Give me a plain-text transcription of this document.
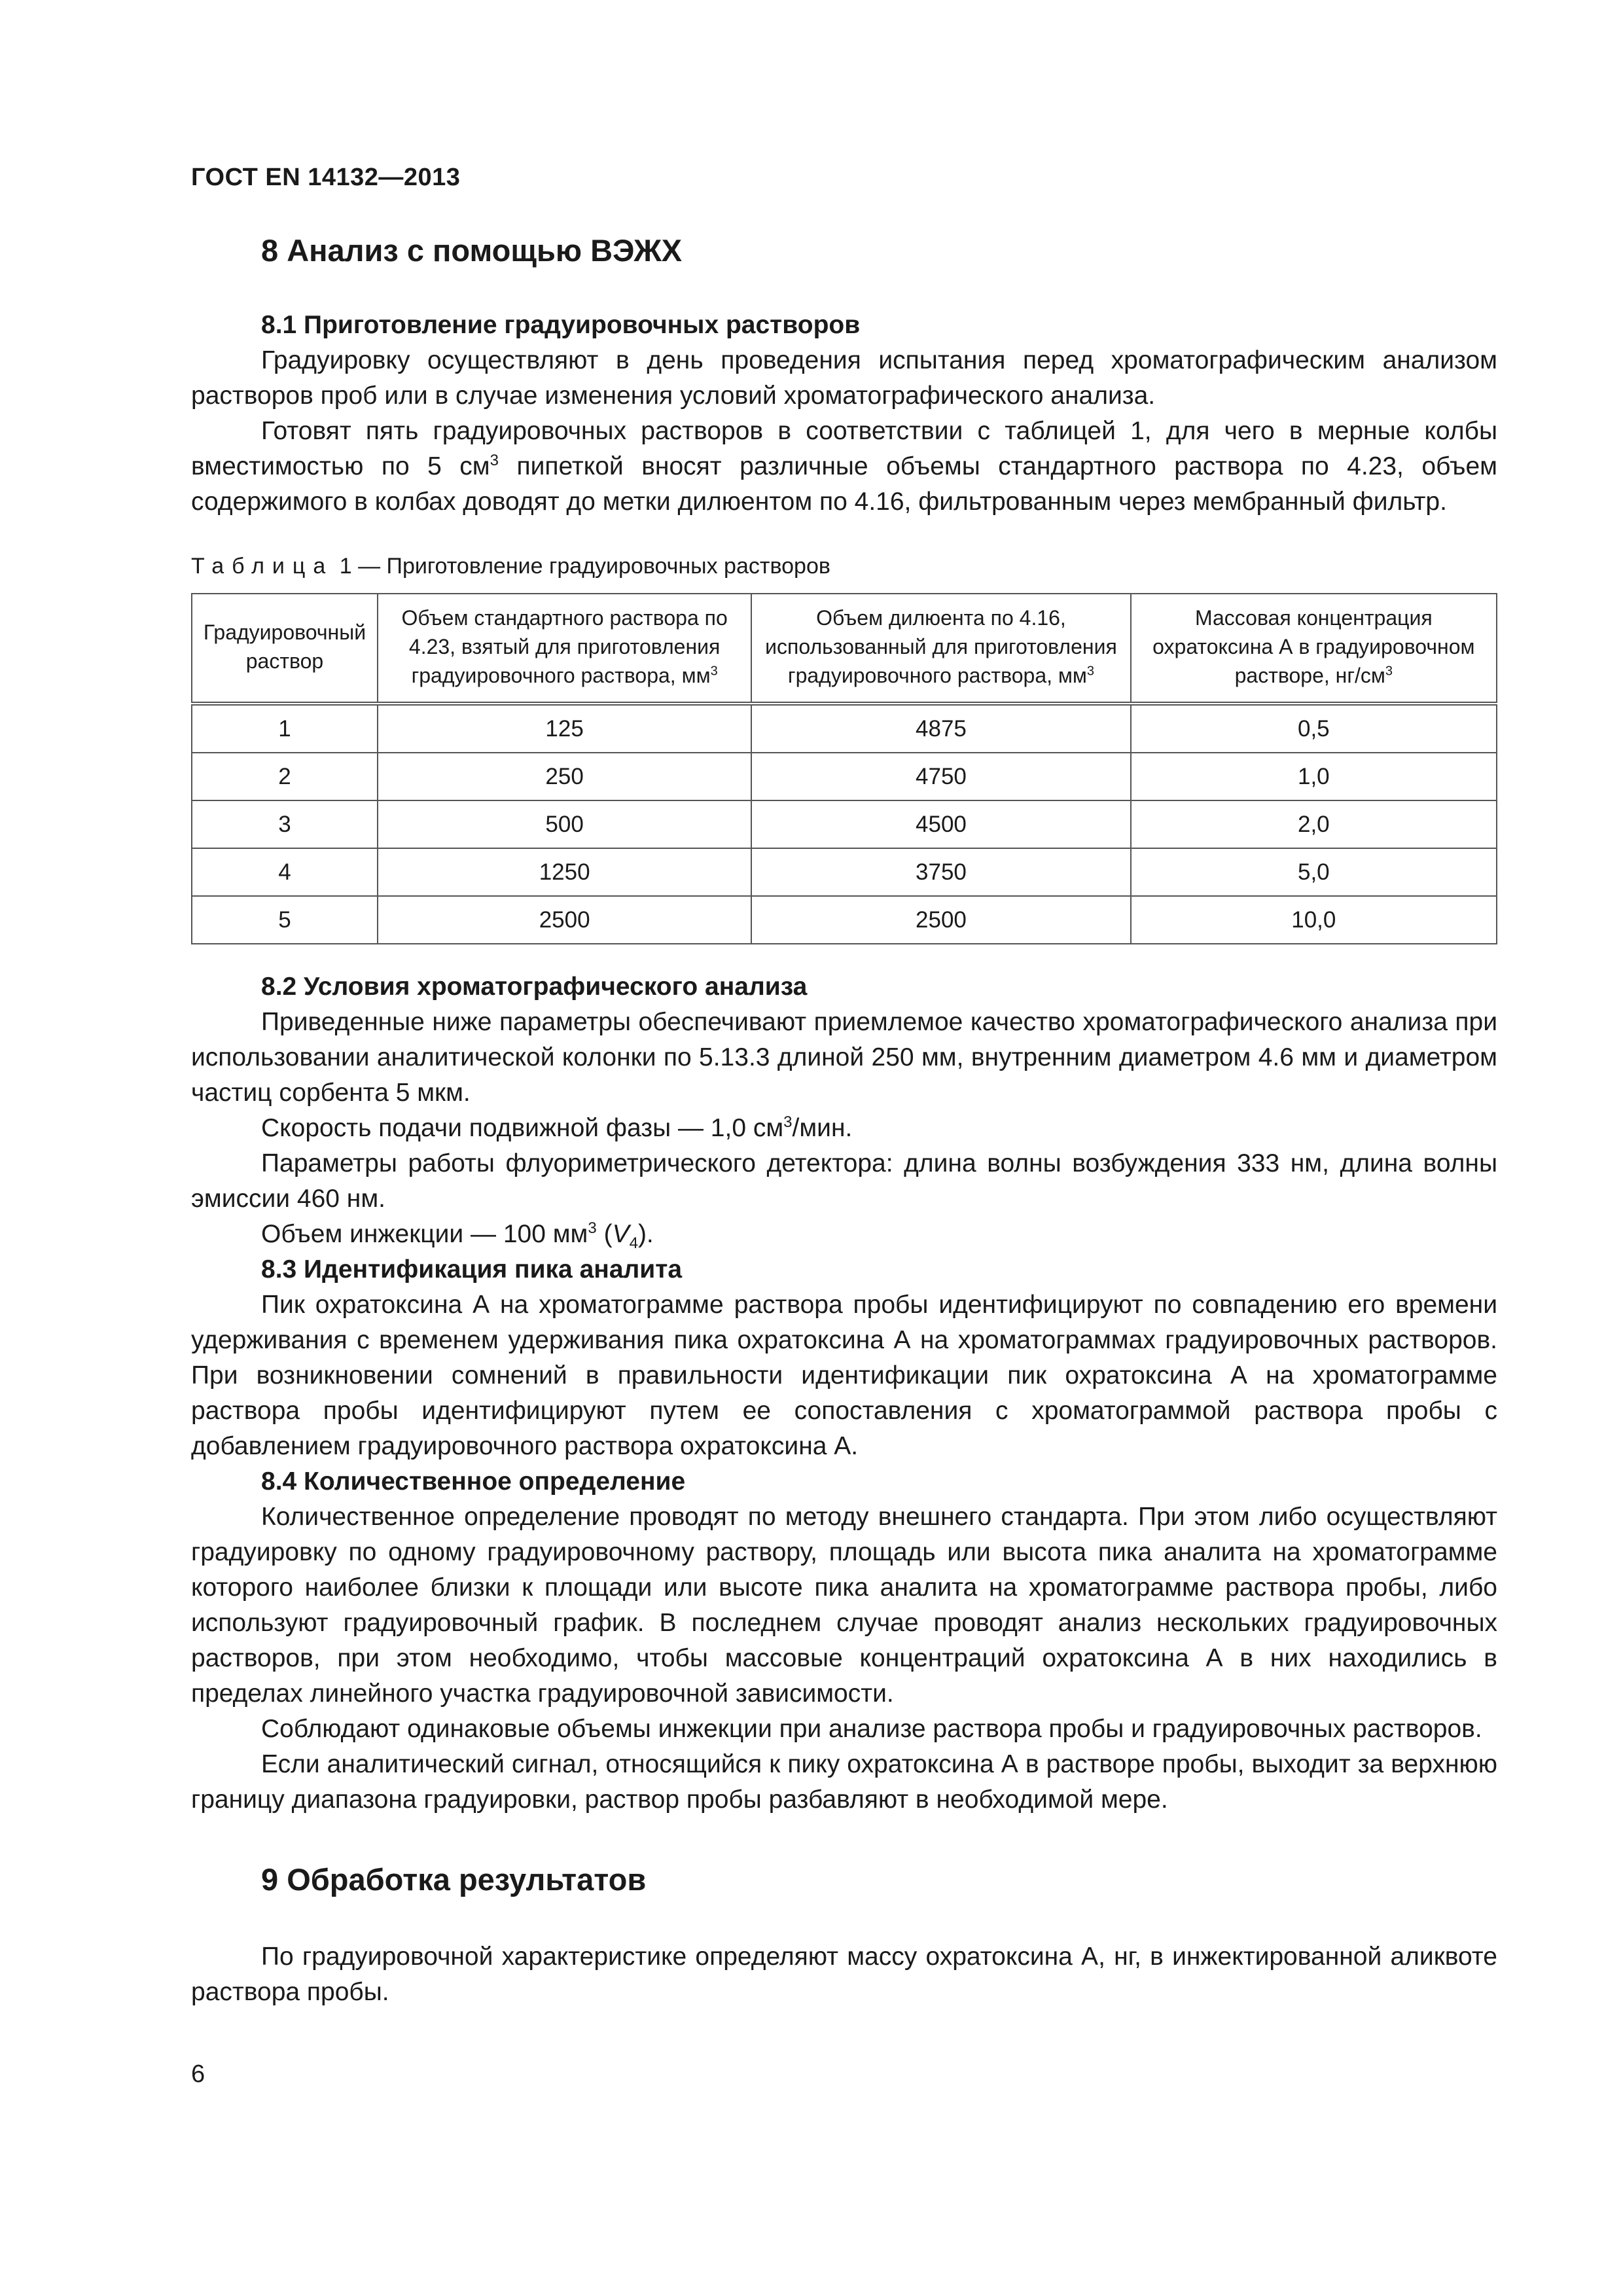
ГОСТ EN 14132—2013
8 Анализ с помощью ВЭЖХ
8.1 Приготовление градуировочных растворов

Градуировку осуществляют в день проведения испытания перед хроматографическим анализом растворов проб или в случае изменения условий хроматографического анализа.

Готовят пять градуировочных растворов в соответствии с таблицей 1, для чего в мерные колбы вместимостью по 5 $см^3$ пипеткой вносят различные объемы стандартного раствора по 4.23, объем содержимого в колбах доводят до метки дилюентом по 4.16, фильтрованным через мембранный фильтр.

Таблица 1 — Приготовление градуировочных растворов
Градуировочный раствор	Объем стандартного раствора по 4.23, взятый для приготовления градуировочного раствора, $мм^3$	Объем дилюента по 4.16, использованный для приготовления градуировочного раствора, $мм^3$	Массовая концентрация охратоксина А в градуировочном растворе, $нг/см^3$
1	125	4875	0,5
2	250	4750	1,0
3	500	4500	2,0
4	1250	3750	5,0
5	2500	2500	10,0
8.2 Условия хроматографического анализа

Приведенные ниже параметры обеспечивают приемлемое качество хроматографического анализа при использовании аналитической колонки по 5.13.3 длиной 250 мм, внутренним диаметром 4.6 мм и диаметром частиц сорбента 5 мкм.

Скорость подачи подвижной фазы — 1,0 $см^3$/мин.

Параметры работы флуориметрического детектора: длина волны возбуждения 333 нм, длина волны эмиссии 460 нм.

Объем инжекции — 100 $мм^3$ $(V_4)$.

8.3 Идентификация пика аналита

Пик охратоксина А на хроматограмме раствора пробы идентифицируют по совпадению его времени удерживания с временем удерживания пика охратоксина А на хроматограммах градуировочных растворов. При возникновении сомнений в правильности идентификации пик охратоксина А на хроматограмме раствора пробы идентифицируют путем ее сопоставления с хроматограммой раствора пробы с добавлением градуировочного раствора охратоксина А.

8.4 Количественное определение

Количественное определение проводят по методу внешнего стандарта. При этом либо осуществляют градуировку по одному градуировочному раствору, площадь или высота пика аналита на хроматограмме которого наиболее близки к площади или высоте пика аналита на хроматограмме раствора пробы, либо используют градуировочный график. В последнем случае проводят анализ нескольких градуировочных растворов, при этом необходимо, чтобы массовые концентраций охратоксина А в них находились в пределах линейного участка градуировочной зависимости.

Соблюдают одинаковые объемы инжекции при анализе раствора пробы и градуировочных растворов.

Если аналитический сигнал, относящийся к пику охратоксина А в растворе пробы, выходит за верхнюю границу диапазона градуировки, раствор пробы разбавляют в необходимой мере.

9 Обработка результатов

По градуировочной характеристике определяют массу охратоксина А, нг, в инжектированной аликвоте раствора пробы.

6
